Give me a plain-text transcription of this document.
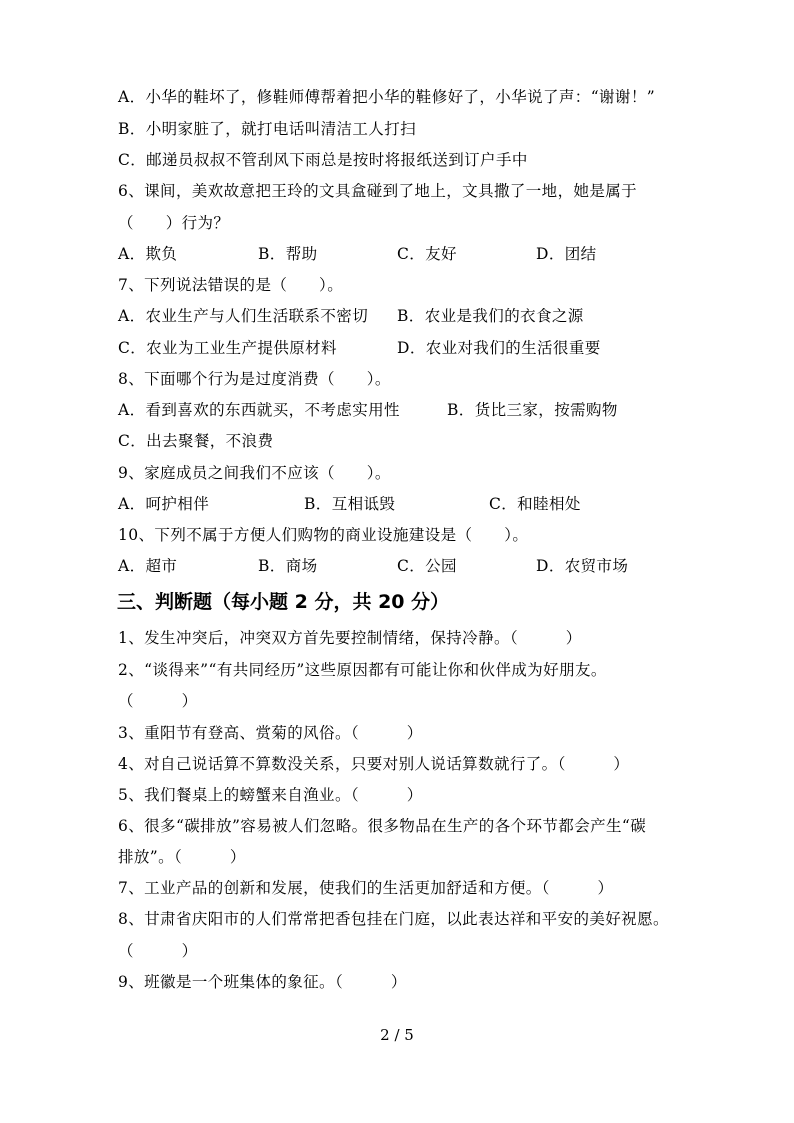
A．小华的鞋坏了，修鞋师傅帮着把小华的鞋修好了，小华说了声：“谢谢！”
B．小明家脏了，就打电话叫清洁工人打扫
C．邮递员叔叔不管刮风下雨总是按时将报纸送到订户手中
6、课间，美欢故意把王玲的文具盒碰到了地上，文具撒了一地，她是属于
（　　）行为？
A．欺负	B．帮助	C．友好	D．团结
7、下列说法错误的是（　　）。
A．农业生产与人们生活联系不密切 B．农业是我们的衣食之源
C．农业为工业生产提供原材料	D．农业对我们的生活很重要
8、下面哪个行为是过度消费（　　）。
A．看到喜欢的东西就买，不考虑实用性	B．货比三家，按需购物
C．出去聚餐，不浪费
9、家庭成员之间我们不应该（　　）。
A．呵护相伴	B．互相诋毁	C．和睦相处
10、下列不属于方便人们购物的商业设施建设是（　　）。
A．超市	B．商场	C．公园	D．农贸市场
三、判断题（每小题 2 分，共 20 分）
1、发生冲突后，冲突双方首先要控制情绪，保持冷静。（　　　）
2、“谈得来”“有共同经历”这些原因都有可能让你和伙伴成为好朋友。
（　　　）
3、重阳节有登高、赏菊的风俗。（　　　）
4、对自己说话算不算数没关系，只要对别人说话算数就行了。（　　　）
5、我们餐桌上的螃蟹来自渔业。（　　　）
6、很多“碳排放”容易被人们忽略。很多物品在生产的各个环节都会产生“碳
排放”。（　　　）
7、工业产品的创新和发展，使我们的生活更加舒适和方便。（　　　）
8、甘肃省庆阳市的人们常常把香包挂在门庭，以此表达祥和平安的美好祝愿。
（　　　）
9、班徽是一个班集体的象征。（　　　）
2 / 5
